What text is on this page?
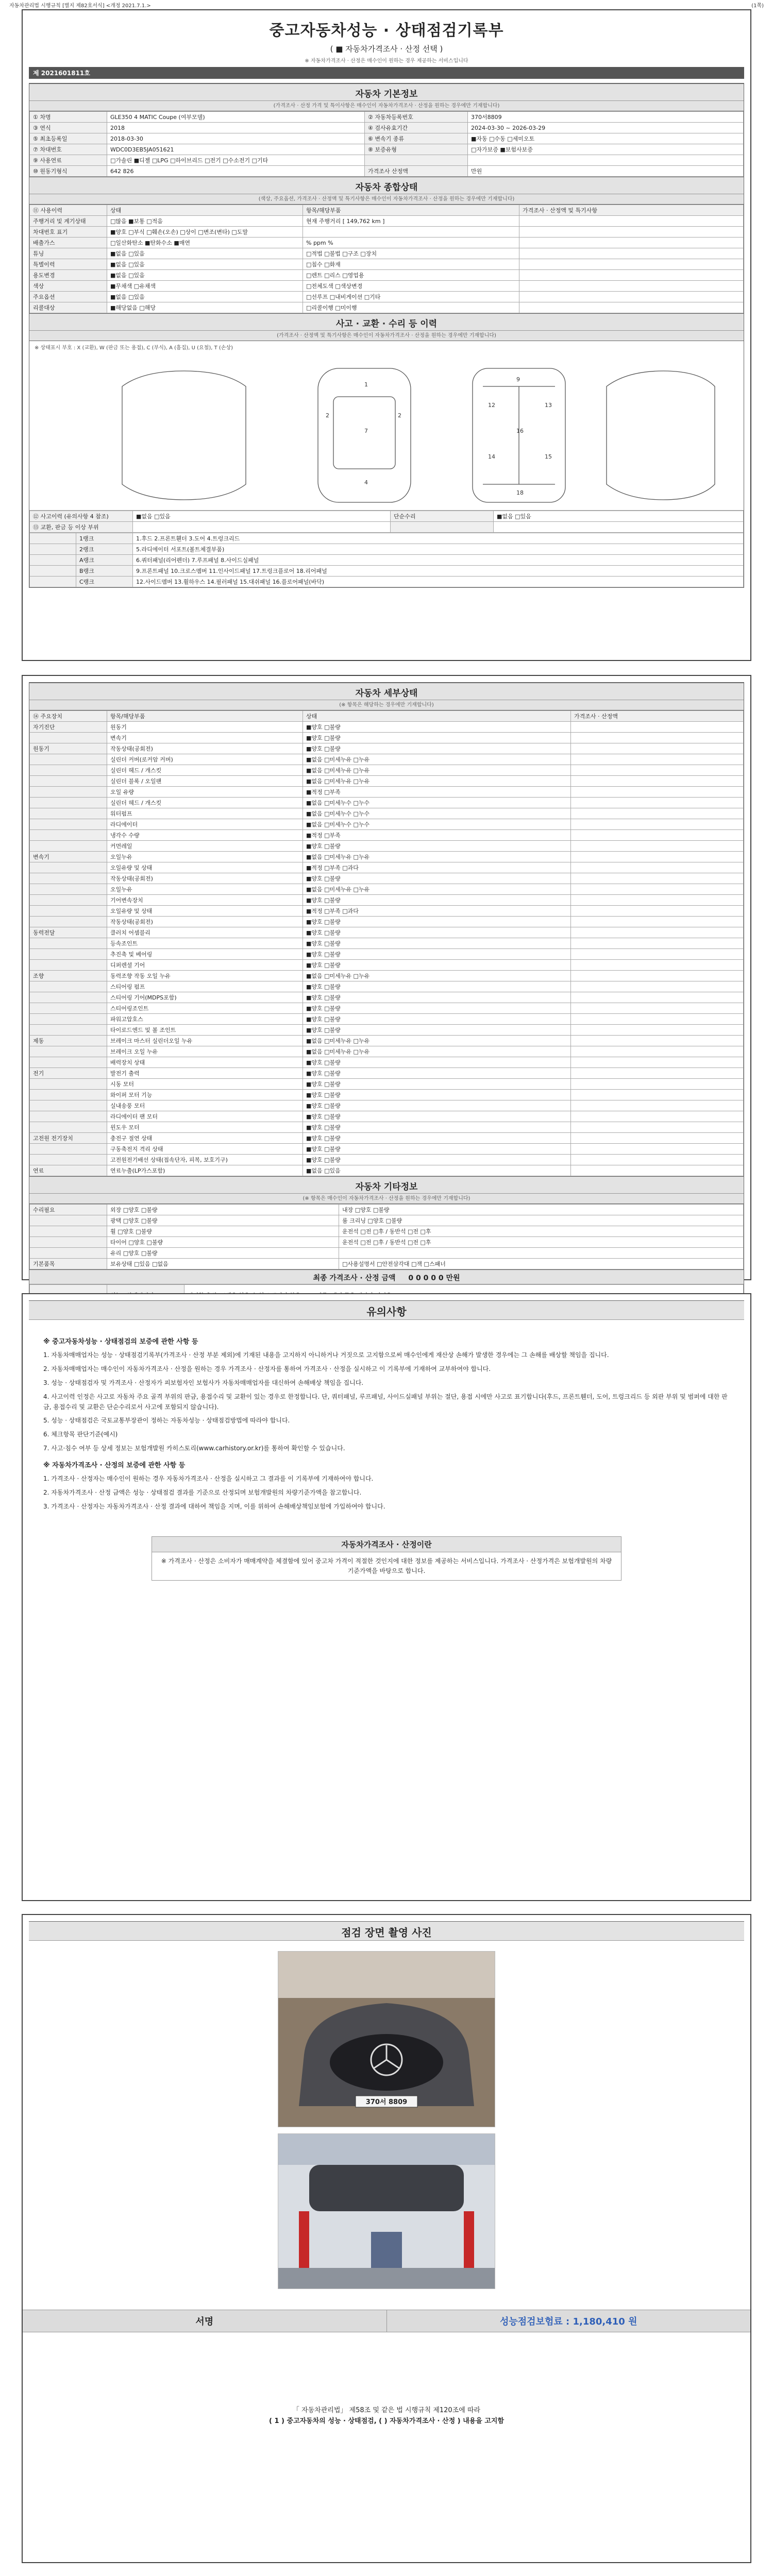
자동차관리법 시행규칙 [별지 제82호서식] <개정 2021.7.1.>	(1쪽)
중고자동차성능 · 상태점검기록부
( ■ 자동차가격조사 · 산정 선택 )
※ 자동차가격조사 · 산정은 매수인이 원하는 경우 제공하는 서비스입니다
제 2021601811호
자동차 기본정보
(가격조사 · 산정 가격 및 특이사항은 매수인이 자동차가격조사 · 산정을 원하는 경우에만 기재합니다)
① 차명	GLE350 4 MATIC Coupe (여부모델)	② 자동차등록번호	370서8809
③ 연식	2018	④ 검사유효기간	2024-03-30 ~ 2026-03-29
⑤ 최초등록일	2018-03-30	⑥ 변속기 종류	■자동 □수동 □세미오토
⑦ 차대번호	WDC0D3EB5JA051621	⑧ 보증유형	□자가보증 ■보험사보증
⑨ 사용연료	□가솔린 ■디젤 □LPG □하이브리드 □전기 □수소전기 □기타		
⑩ 원동기형식	642 826	가격조사 산정액	만원
자동차 종합상태
(색상, 주요옵션, 가격조사 · 산정액 및 특기사항은 매수인이 자동차가격조사 · 산정을 원하는 경우에만 기재합니다)
⑪ 사용이력	상태	항목/해당부품	가격조사 · 산정액 및 특기사항
주행거리 및 계기상태	□많음 ■보통 □적음	현재 주행거리 [ 149,762 km ]	
차대번호 표기	■양호 □부식 □훼손(오손) □상이 □변조(변타) □도말		
배출가스	□일산화탄소 ■탄화수소 ■매연	% ppm %	
튜닝	■없음 □있음	□적법 □불법 □구조 □장치	
특별이력	■없음 □있음	□침수 □화재	
용도변경	■없음 □있음	□렌트 □리스 □영업용	
색상	■무채색 □유채색	□전체도색 □색상변경	
주요옵션	■없음 □있음	□선루프 □내비게이션 □기타	
리콜대상	■해당없음 □해당	□리콜이행 □미이행	
사고 · 교환 · 수리 등 이력
(가격조사 · 산정액 및 특기사항은 매수인이 자동차가격조사 · 산정을 원하는 경우에만 기재합니다)
※ 상태표시 부호 : X (교환), W (판금 또는 용접), C (부식), A (흠집), U (요철), T (손상)
1
7
4
2	2
16
9
18
12	13
14	15
⑫ 사고이력 (유의사항 4 참조)	■없음 □있음	단순수리	■없음 □있음
⑬ 교환, 판금 등 이상 부위			
	1랭크	1.후드 2.프론트휀더 3.도어 4.트렁크리드
	2랭크	5.라디에이터 서포트(볼트체결부품)
	A랭크	6.쿼터패널(리어펜더) 7.루프패널 8.사이드실패널
	B랭크	9.프론트패널 10.크로스멤버 11.인사이드패널 17.트렁크플로어 18.리어패널
	C랭크	12.사이드멤버 13.휠하우스 14.필러패널 15.대쉬패널 16.플로어패널(바닥)
자동차 세부상태
(※ 항목은 해당하는 경우에만 기재합니다)
⑭ 주요장치	항목/해당부품	상태	가격조사 · 산정액
자기진단	원동기	■양호 □불량	
	변속기	■양호 □불량	
원동기	작동상태(공회전)	■양호 □불량	
	실린더 커버(로커암 커버)	■없음 □미세누유 □누유	
	실린더 헤드 / 개스킷	■없음 □미세누유 □누유	
	실린더 블록 / 오일팬	■없음 □미세누유 □누유	
	오일 유량	■적정 □부족	
	실린더 헤드 / 개스킷	■없음 □미세누수 □누수	
	워터펌프	■없음 □미세누수 □누수	
	라디에이터	■없음 □미세누수 □누수	
	냉각수 수량	■적정 □부족	
	커먼레일	■양호 □불량	
변속기	오일누유	■없음 □미세누유 □누유	
	오일유량 및 상태	■적정 □부족 □과다	
	작동상태(공회전)	■양호 □불량	
	오일누유	■없음 □미세누유 □누유	
	기어변속장치	■양호 □불량	
	오일유량 및 상태	■적정 □부족 □과다	
	작동상태(공회전)	■양호 □불량	
동력전달	클러치 어셈블리	■양호 □불량	
	등속조인트	■양호 □불량	
	추진축 및 베어링	■양호 □불량	
	디퍼렌셜 기어	■양호 □불량	
조향	동력조향 작동 오일 누유	■없음 □미세누유 □누유	
	스티어링 펌프	■양호 □불량	
	스티어링 기어(MDPS포함)	■양호 □불량	
	스티어링조인트	■양호 □불량	
	파워고압호스	■양호 □불량	
	타이로드엔드 및 볼 조인트	■양호 □불량	
제동	브레이크 마스터 실린더오일 누유	■없음 □미세누유 □누유	
	브레이크 오일 누유	■없음 □미세누유 □누유	
	배력장치 상태	■양호 □불량	
전기	발전기 출력	■양호 □불량	
	시동 모터	■양호 □불량	
	와이퍼 모터 기능	■양호 □불량	
	실내송풍 모터	■양호 □불량	
	라디에이터 팬 모터	■양호 □불량	
	윈도우 모터	■양호 □불량	
고전원 전기장치	충전구 절연 상태	■양호 □불량	
	구동축전지 격리 상태	■양호 □불량	
	고전원전기배선 상태(접속단자, 피복, 보호기구)	■양호 □불량	
연료	연료누출(LP가스포함)	■없음 □있음	
자동차 기타정보
(※ 항목은 매수인이 자동차가격조사 · 산정을 원하는 경우에만 기재합니다)
수리필요	외장 □양호 □불량	내장 □양호 □불량
	광택 □양호 □불량	룸 크리닝 □양호 □불량
	휠 □양호 □불량	운전석 □전 □후 / 동반석 □전 □후
	타이어 □양호 □불량	운전석 □전 □후 / 동반석 □전 □후
	유리 □양호 □불량	
기본품목	보유상태 □있음 □없음	□사용설명서 □안전삼각대 □잭 □스패너
최종 가격조사 · 산정 금액 0 0 0 0 0 만원

유의사항
※ 중고자동차성능 · 상태점검의 보증에 관한 사항 등

1. 자동차매매업자는 성능 · 상태점검기록부(가격조사 · 산정 부분 제외)에 기재된 내용을 고지하지 아니하거나 거짓으로 고지함으로써 매수인에게 재산상 손해가 발생한 경우에는 그 손해를 배상할 책임을 집니다.

2. 자동차매매업자는 매수인이 자동차가격조사 · 산정을 원하는 경우 가격조사 · 산정자를 통하여 가격조사 · 산정을 실시하고 이 기록부에 기재하여 교부하여야 합니다.

3. 성능 · 상태점검자 및 가격조사 · 산정자가 피보험자인 보험사가 자동차매매업자를 대신하여 손해배상 책임을 집니다.

4. 사고이력 인정은 사고로 자동차 주요 골격 부위의 판금, 용접수리 및 교환이 있는 경우로 한정합니다. 단, 쿼터패널, 루프패널, 사이드실패널 부위는 절단, 용접 시에만 사고로 표기합니다(후드, 프론트휀더, 도어, 트렁크리드 등 외판 부위 및 범퍼에 대한 판금, 용접수리 및 교환은 단순수리로서 사고에 포함되지 않습니다).

5. 성능 · 상태점검은 국토교통부장관이 정하는 자동차성능 · 상태점검방법에 따라야 합니다.

6. 체크항목 판단기준(예시)

7. 사고·침수 여부 등 상세 정보는 보험개발원 카히스토리(www.carhistory.or.kr)를 통하여 확인할 수 있습니다.

※ 자동차가격조사 · 산정의 보증에 관한 사항 등

1. 가격조사 · 산정자는 매수인이 원하는 경우 자동차가격조사 · 산정을 실시하고 그 결과를 이 기록부에 기재하여야 합니다.

2. 자동차가격조사 · 산정 금액은 성능 · 상태점검 결과를 기준으로 산정되며 보험개발원의 차량기준가액을 참고합니다.

3. 가격조사 · 산정자는 자동차가격조사 · 산정 결과에 대하여 책임을 지며, 이를 위하여 손해배상책임보험에 가입하여야 합니다.

자동차가격조사 · 산정이란
※ 가격조사 · 산정은 소비자가 매매계약을 체결함에 있어 중고차 가격이 적절한 것인지에 대한 정보를 제공하는 서비스입니다. 가격조사 · 산정가격은 보험개발원의 차량기준가액을 바탕으로 합니다.
점검 장면 촬영 사진
370서 8809
서명	성능점검보험료 : 1,180,410 원
「 자동차관리법」 제58조 및 같은 법 시행규칙 제120조에 따라
( 1 ) 중고자동차의 성능 · 상태점검, ( ) 자동차가격조사 · 산정 ) 내용을 고지함
